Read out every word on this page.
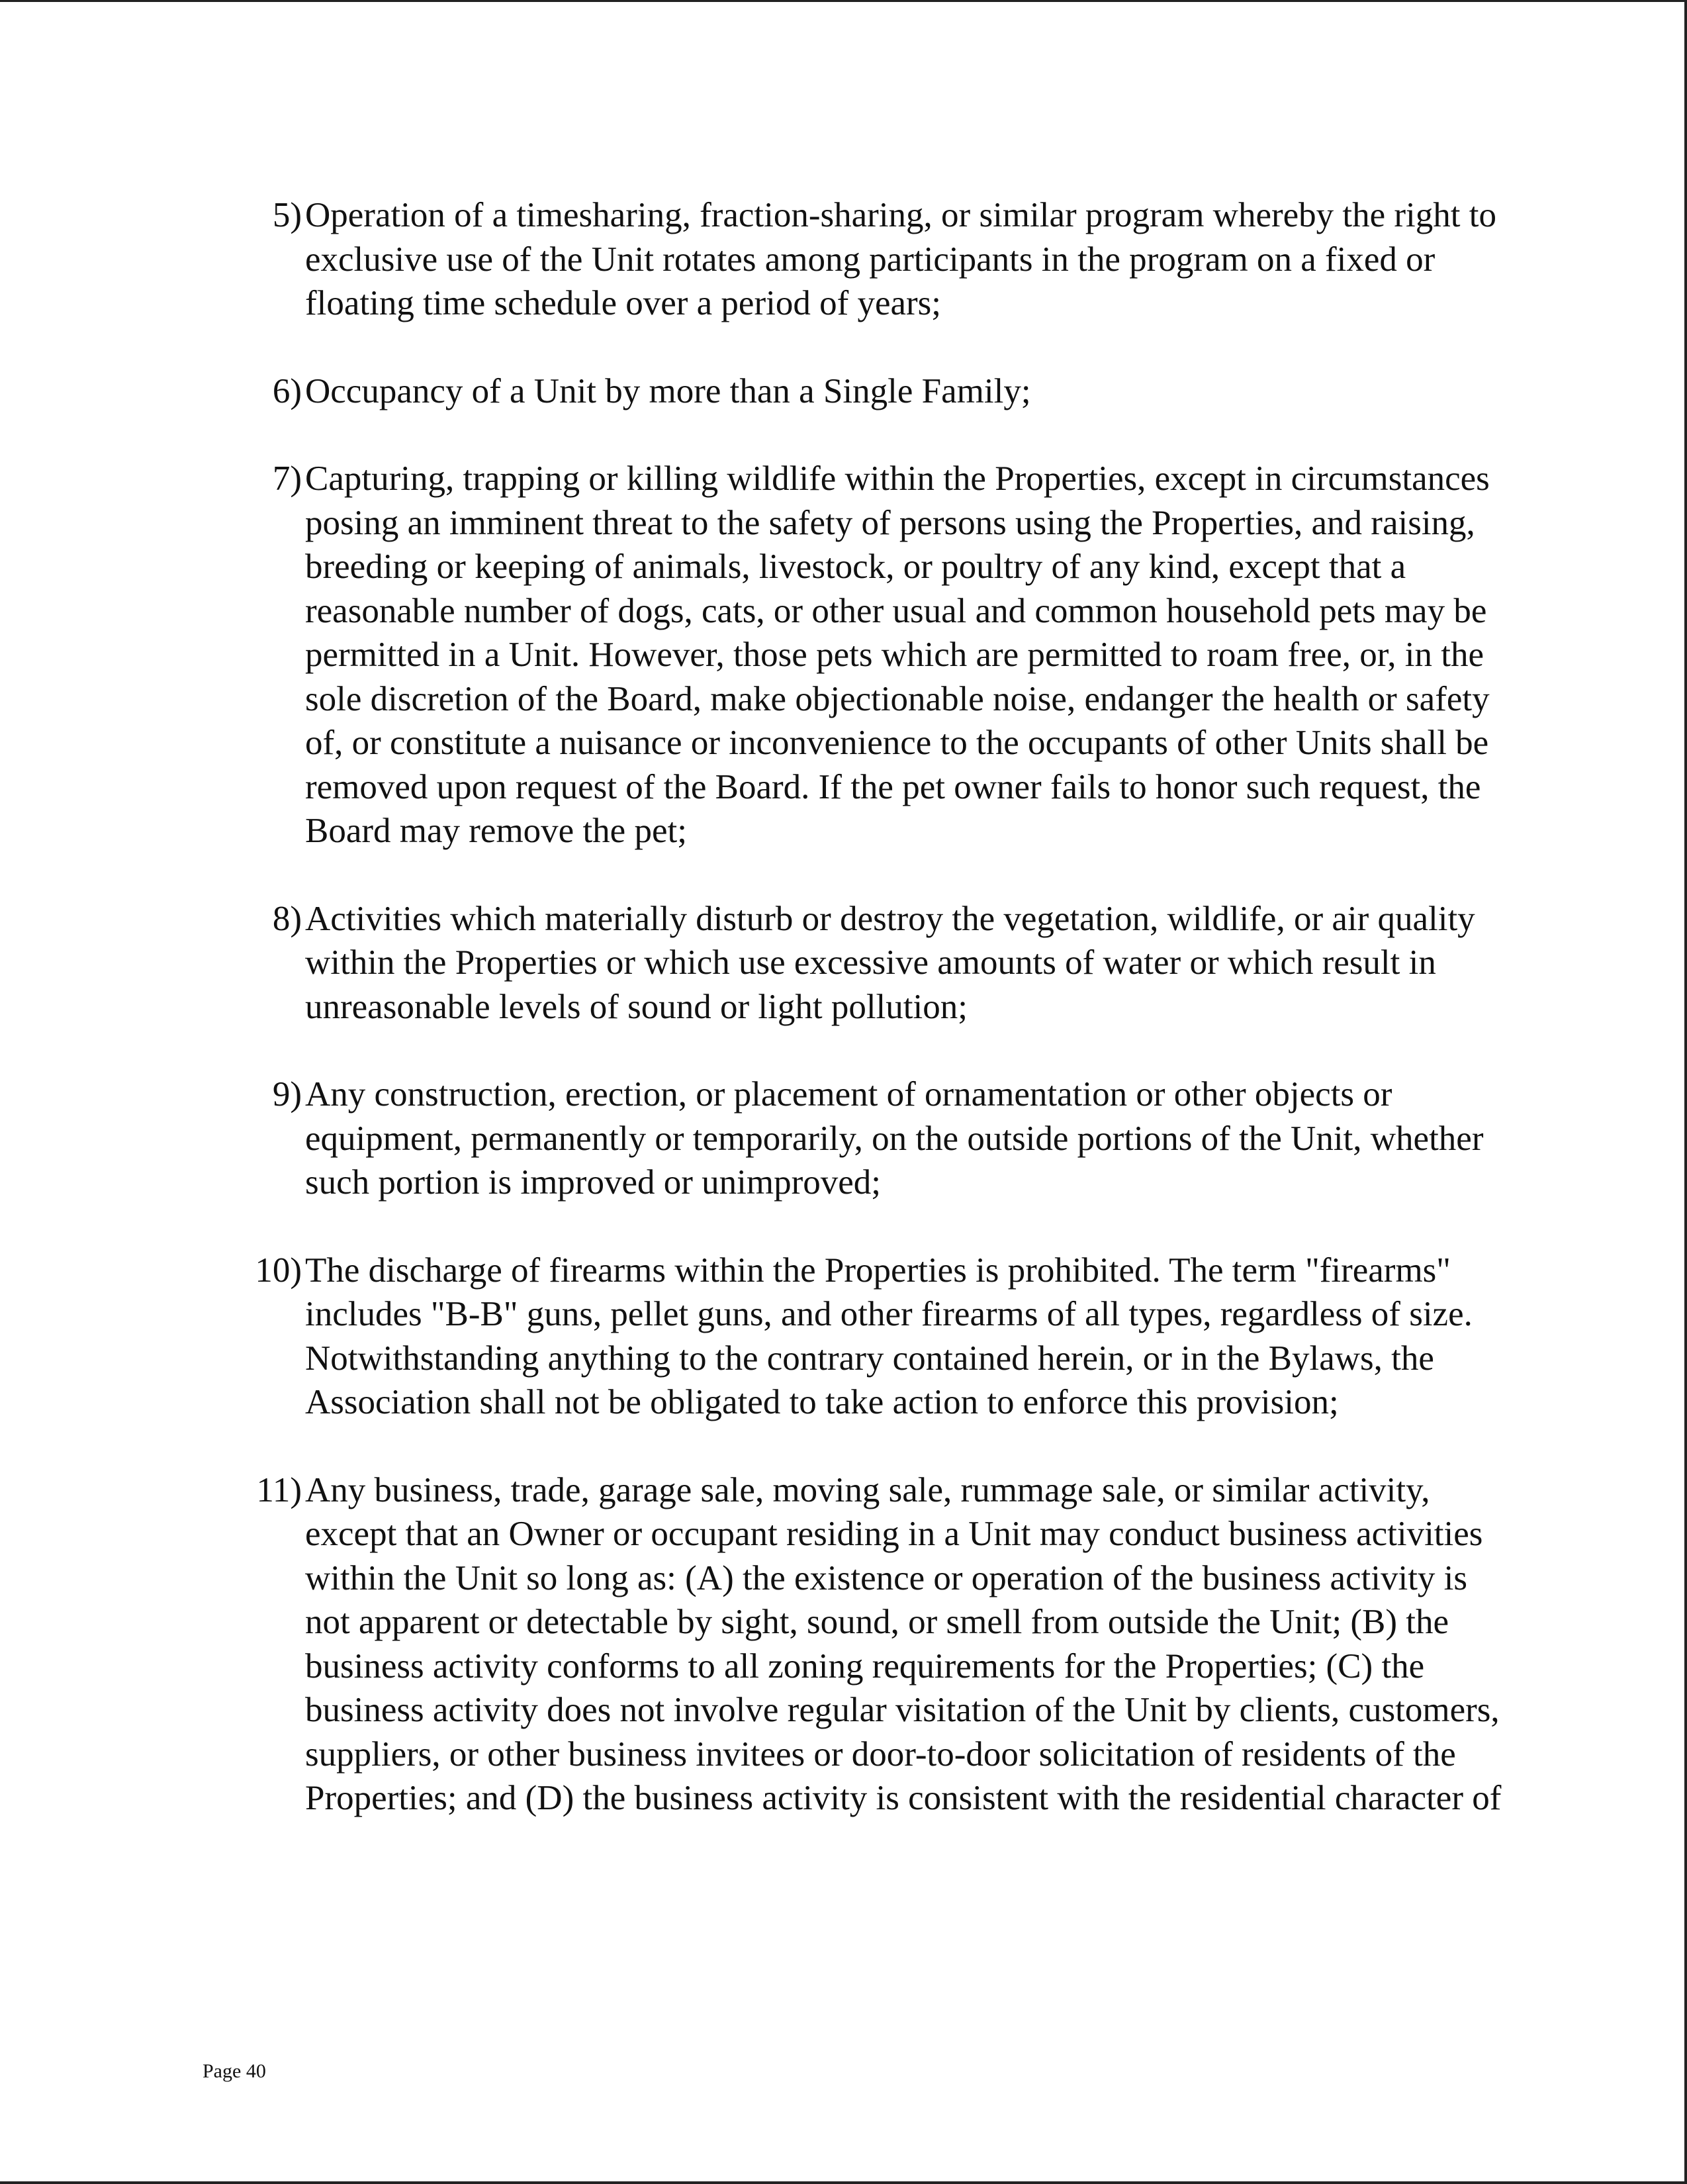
5) Operation of a timesharing, fraction-sharing, or similar program whereby the right to exclusive use of the Unit rotates among participants in the program on a fixed or floating time schedule over a period of years;
6) Occupancy of a Unit by more than a Single Family;
7) Capturing, trapping or killing wildlife within the Properties, except in circumstances posing an imminent threat to the safety of persons using the Properties, and raising, breeding or keeping of animals, livestock, or poultry of any kind, except that a reasonable number of dogs, cats, or other usual and common household pets may be permitted in a Unit. However, those pets which are permitted to roam free, or, in the sole discretion of the Board, make objectionable noise, endanger the health or safety of, or constitute a nuisance or inconvenience to the occupants of other Units shall be removed upon request of the Board. If the pet owner fails to honor such request, the Board may remove the pet;
8) Activities which materially disturb or destroy the vegetation, wildlife, or air quality within the Properties or which use excessive amounts of water or which result in unreasonable levels of sound or light pollution;
9) Any construction, erection, or placement of ornamentation or other objects or equipment, permanently or temporarily, on the outside portions of the Unit, whether such portion is improved or unimproved;
10) The discharge of firearms within the Properties is prohibited. The term "firearms" includes "B-B" guns, pellet guns, and other firearms of all types, regardless of size. Notwithstanding anything to the contrary contained herein, or in the Bylaws, the Association shall not be obligated to take action to enforce this provision;
11) Any business, trade, garage sale, moving sale, rummage sale, or similar activity, except that an Owner or occupant residing in a Unit may conduct business activities within the Unit so long as: (A) the existence or operation of the business activity is not apparent or detectable by sight, sound, or smell from outside the Unit; (B) the business activity conforms to all zoning requirements for the Properties; (C) the business activity does not involve regular visitation of the Unit by clients, customers, suppliers, or other business invitees or door-to-door solicitation of residents of the Properties; and (D) the business activity is consistent with the residential character of
Page 40
